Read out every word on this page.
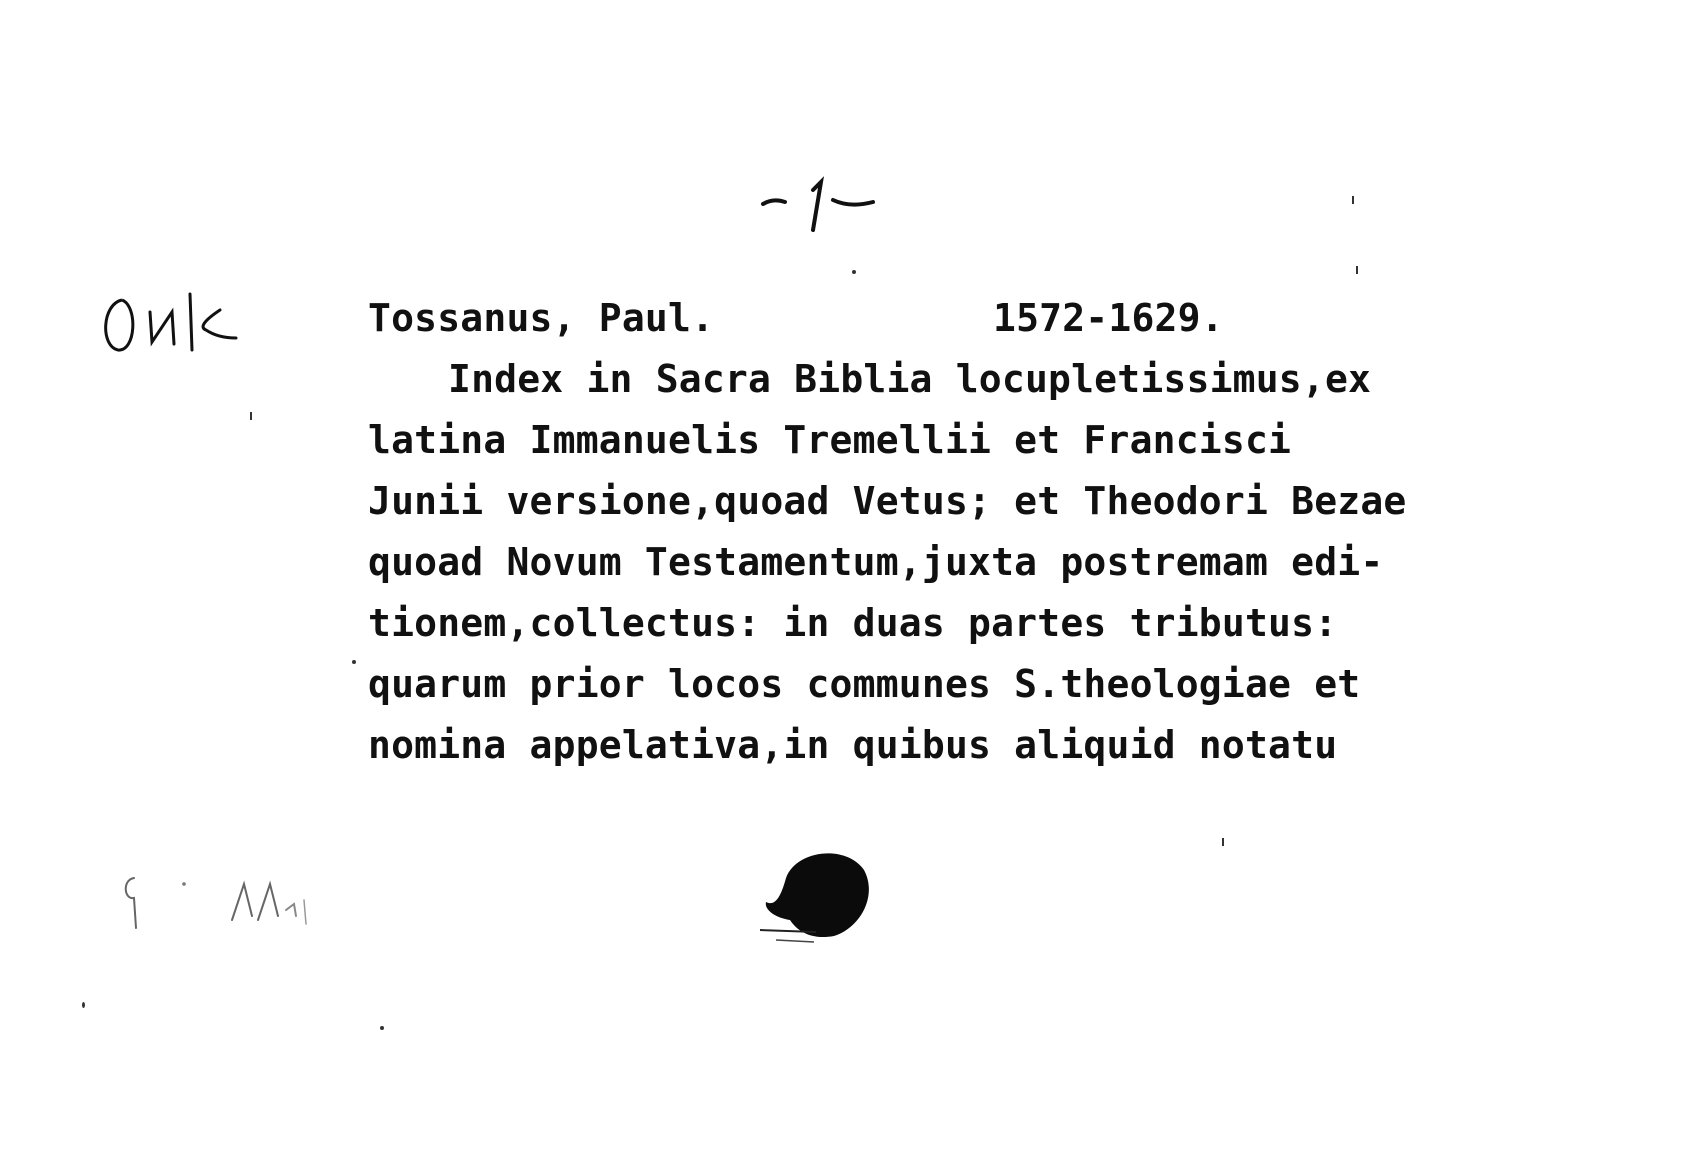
Tossanus, Paul.	1572-1629.
Index in Sacra Biblia locupletissimus,ex
latina Immanuelis Tremellii et Francisci
Junii versione,quoad Vetus; et Theodori Bezae
quoad Novum Testamentum,juxta postremam edi-
tionem,collectus: in duas partes tributus:
quarum prior locos communes S.theologiae et
nomina appelativa,in quibus aliquid notatu
